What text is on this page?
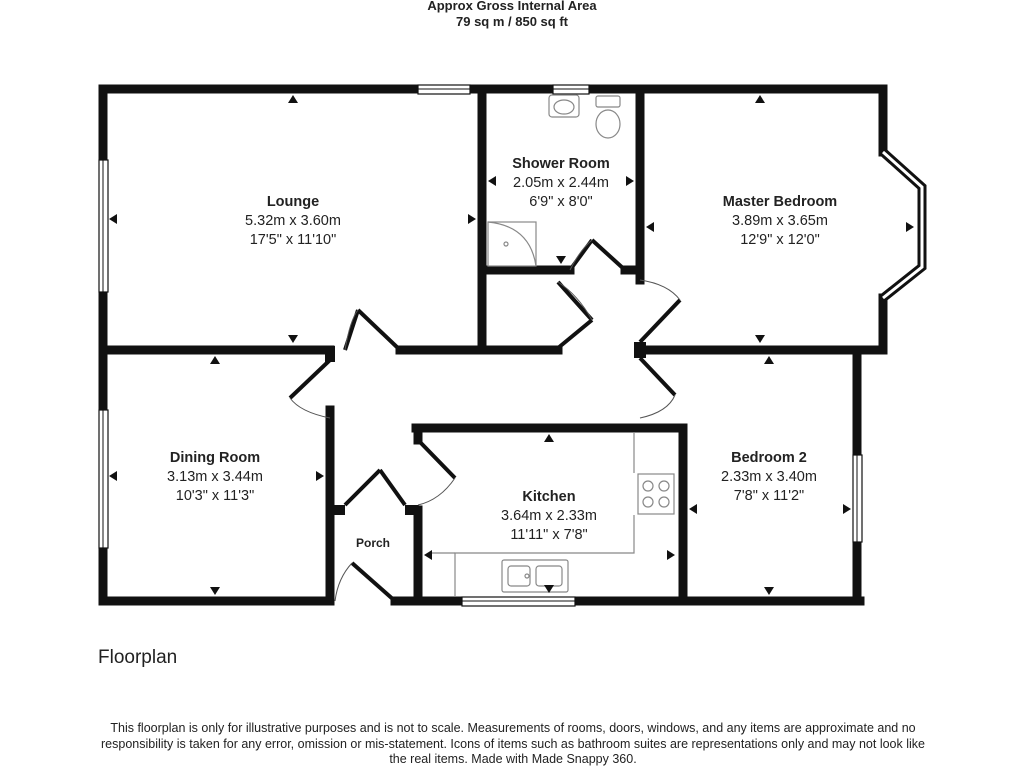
Approx Gross Internal Area
79 sq m / 850 sq ft
Lounge
5.32m x 3.60m
17'5" x 11'10"
Shower Room
2.05m x 2.44m
6'9" x 8'0"	Master Bedroom
3.89m x 3.65m
12'9" x 12'0"
Dining Room
3.13m x 3.44m
10'3" x 11'3"	Kitchen
3.64m x 2.33m
11'11" x 7'8"
Bedroom 2
2.33m x 3.40m
7'8" x 11'2"
Porch
Floorplan
This floorplan is only for illustrative purposes and is not to scale. Measurements of rooms, doors, windows, and any items are approximate and no responsibility is taken for any error, omission or mis-statement. Icons of items such as bathroom suites are representations only and may not look like the real items. Made with Made Snappy 360.
